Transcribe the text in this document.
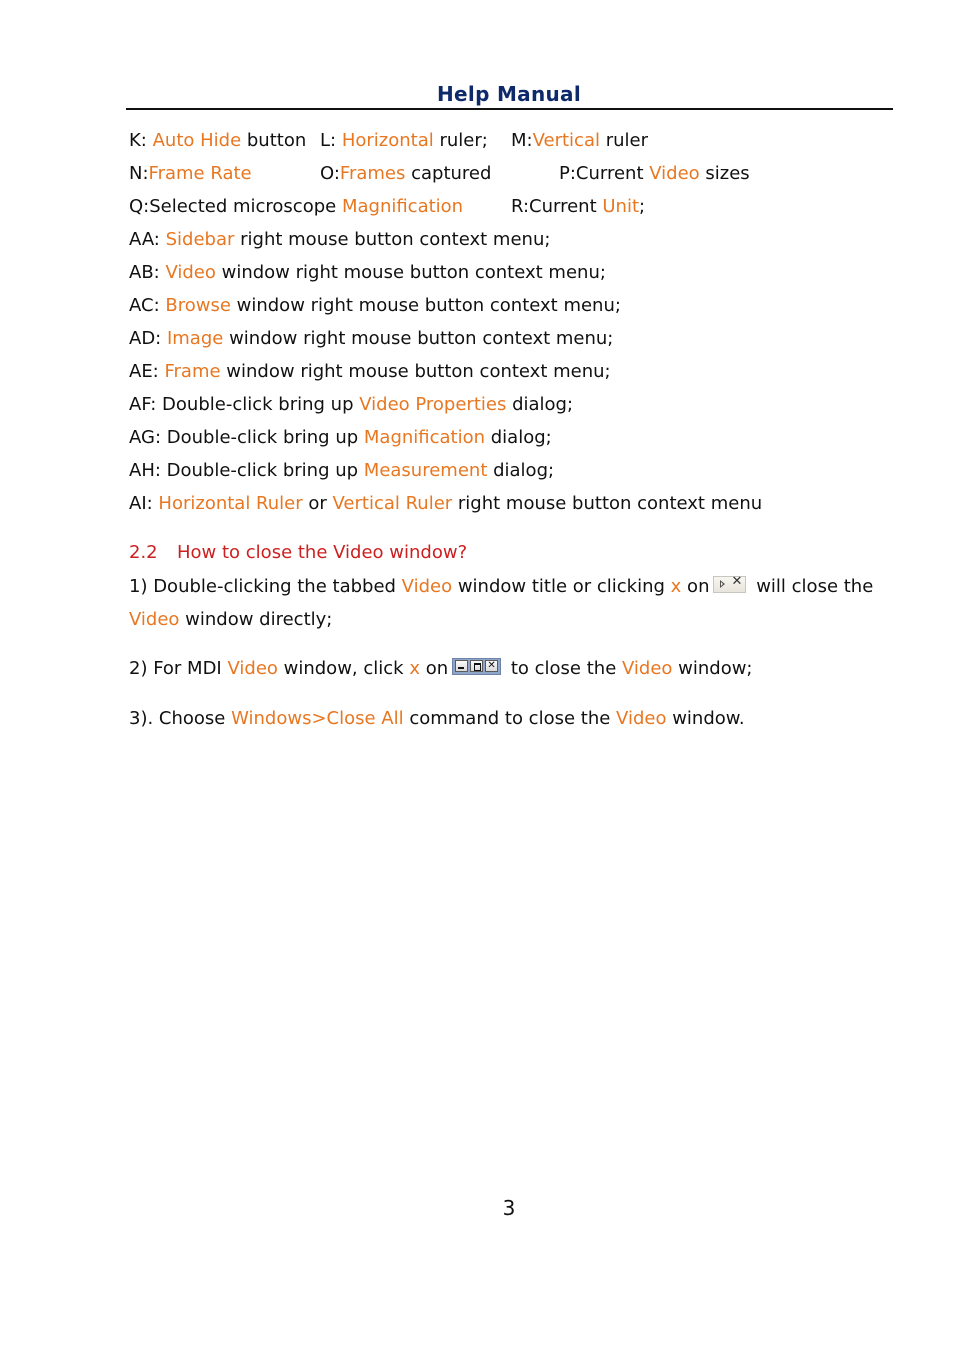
Help Manual
K: Auto Hide button L: Horizontal ruler; M:Vertical ruler
N:Frame Rate	O:Frames captured	P:Current Video sizes
Q:Selected microscope Magnification	R:Current Unit;
AA: Sidebar right mouse button context menu;
AB: Video window right mouse button context menu;
AC: Browse window right mouse button context menu;
AD: Image window right mouse button context menu;
AE: Frame window right mouse button context menu;
AF: Double-click bring up Video Properties dialog;
AG: Double-click bring up Magnification dialog;
AH: Double-click bring up Measurement dialog;
AI: Horizontal Ruler or Vertical Ruler right mouse button context menu
2.2 How to close the Video window?
1) Double-clicking the tabbed Video window title or clicking x on ✕ will close the
Video window directly;
2) For MDI Video window, click x on	✕ to close the Video window;
3). Choose Windows>Close All command to close the Video window.
3
